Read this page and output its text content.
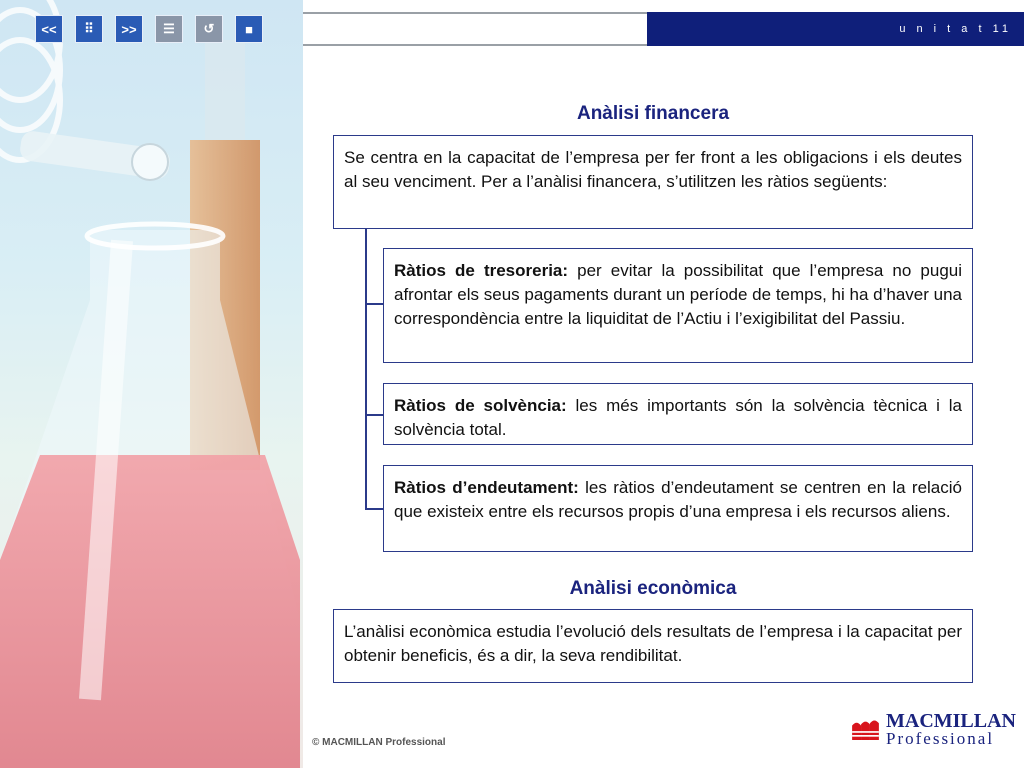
<<	⠿	>>	☰ ↺ ■	u n i t a t 11
Anàlisi financera
Se centra en la capacitat de l’empresa per fer front a les obligacions i els deutes al seu venciment. Per a l’anàlisi financera, s’utilitzen les ràtios següents:
Ràtios de tresoreria: per evitar la possibilitat que l’empresa no pugui afrontar els seus pagaments durant un període de temps, hi ha d’haver una correspondència entre la liquiditat de l’Actiu i l’exigibilitat del Passiu.
Ràtios de solvència: les més importants són la solvència tècnica i la solvència total.
Ràtios d’endeutament: les ràtios d’endeutament se centren en la relació que existeix entre els recursos propis d’una empresa i els recursos aliens.
Anàlisi econòmica
L’anàlisi econòmica estudia l’evolució dels resultats de l’empresa i la capacitat per obtenir beneficis, és a dir, la seva rendibilitat.
© MACMILLAN Professional
MACMILLAN
Professional
